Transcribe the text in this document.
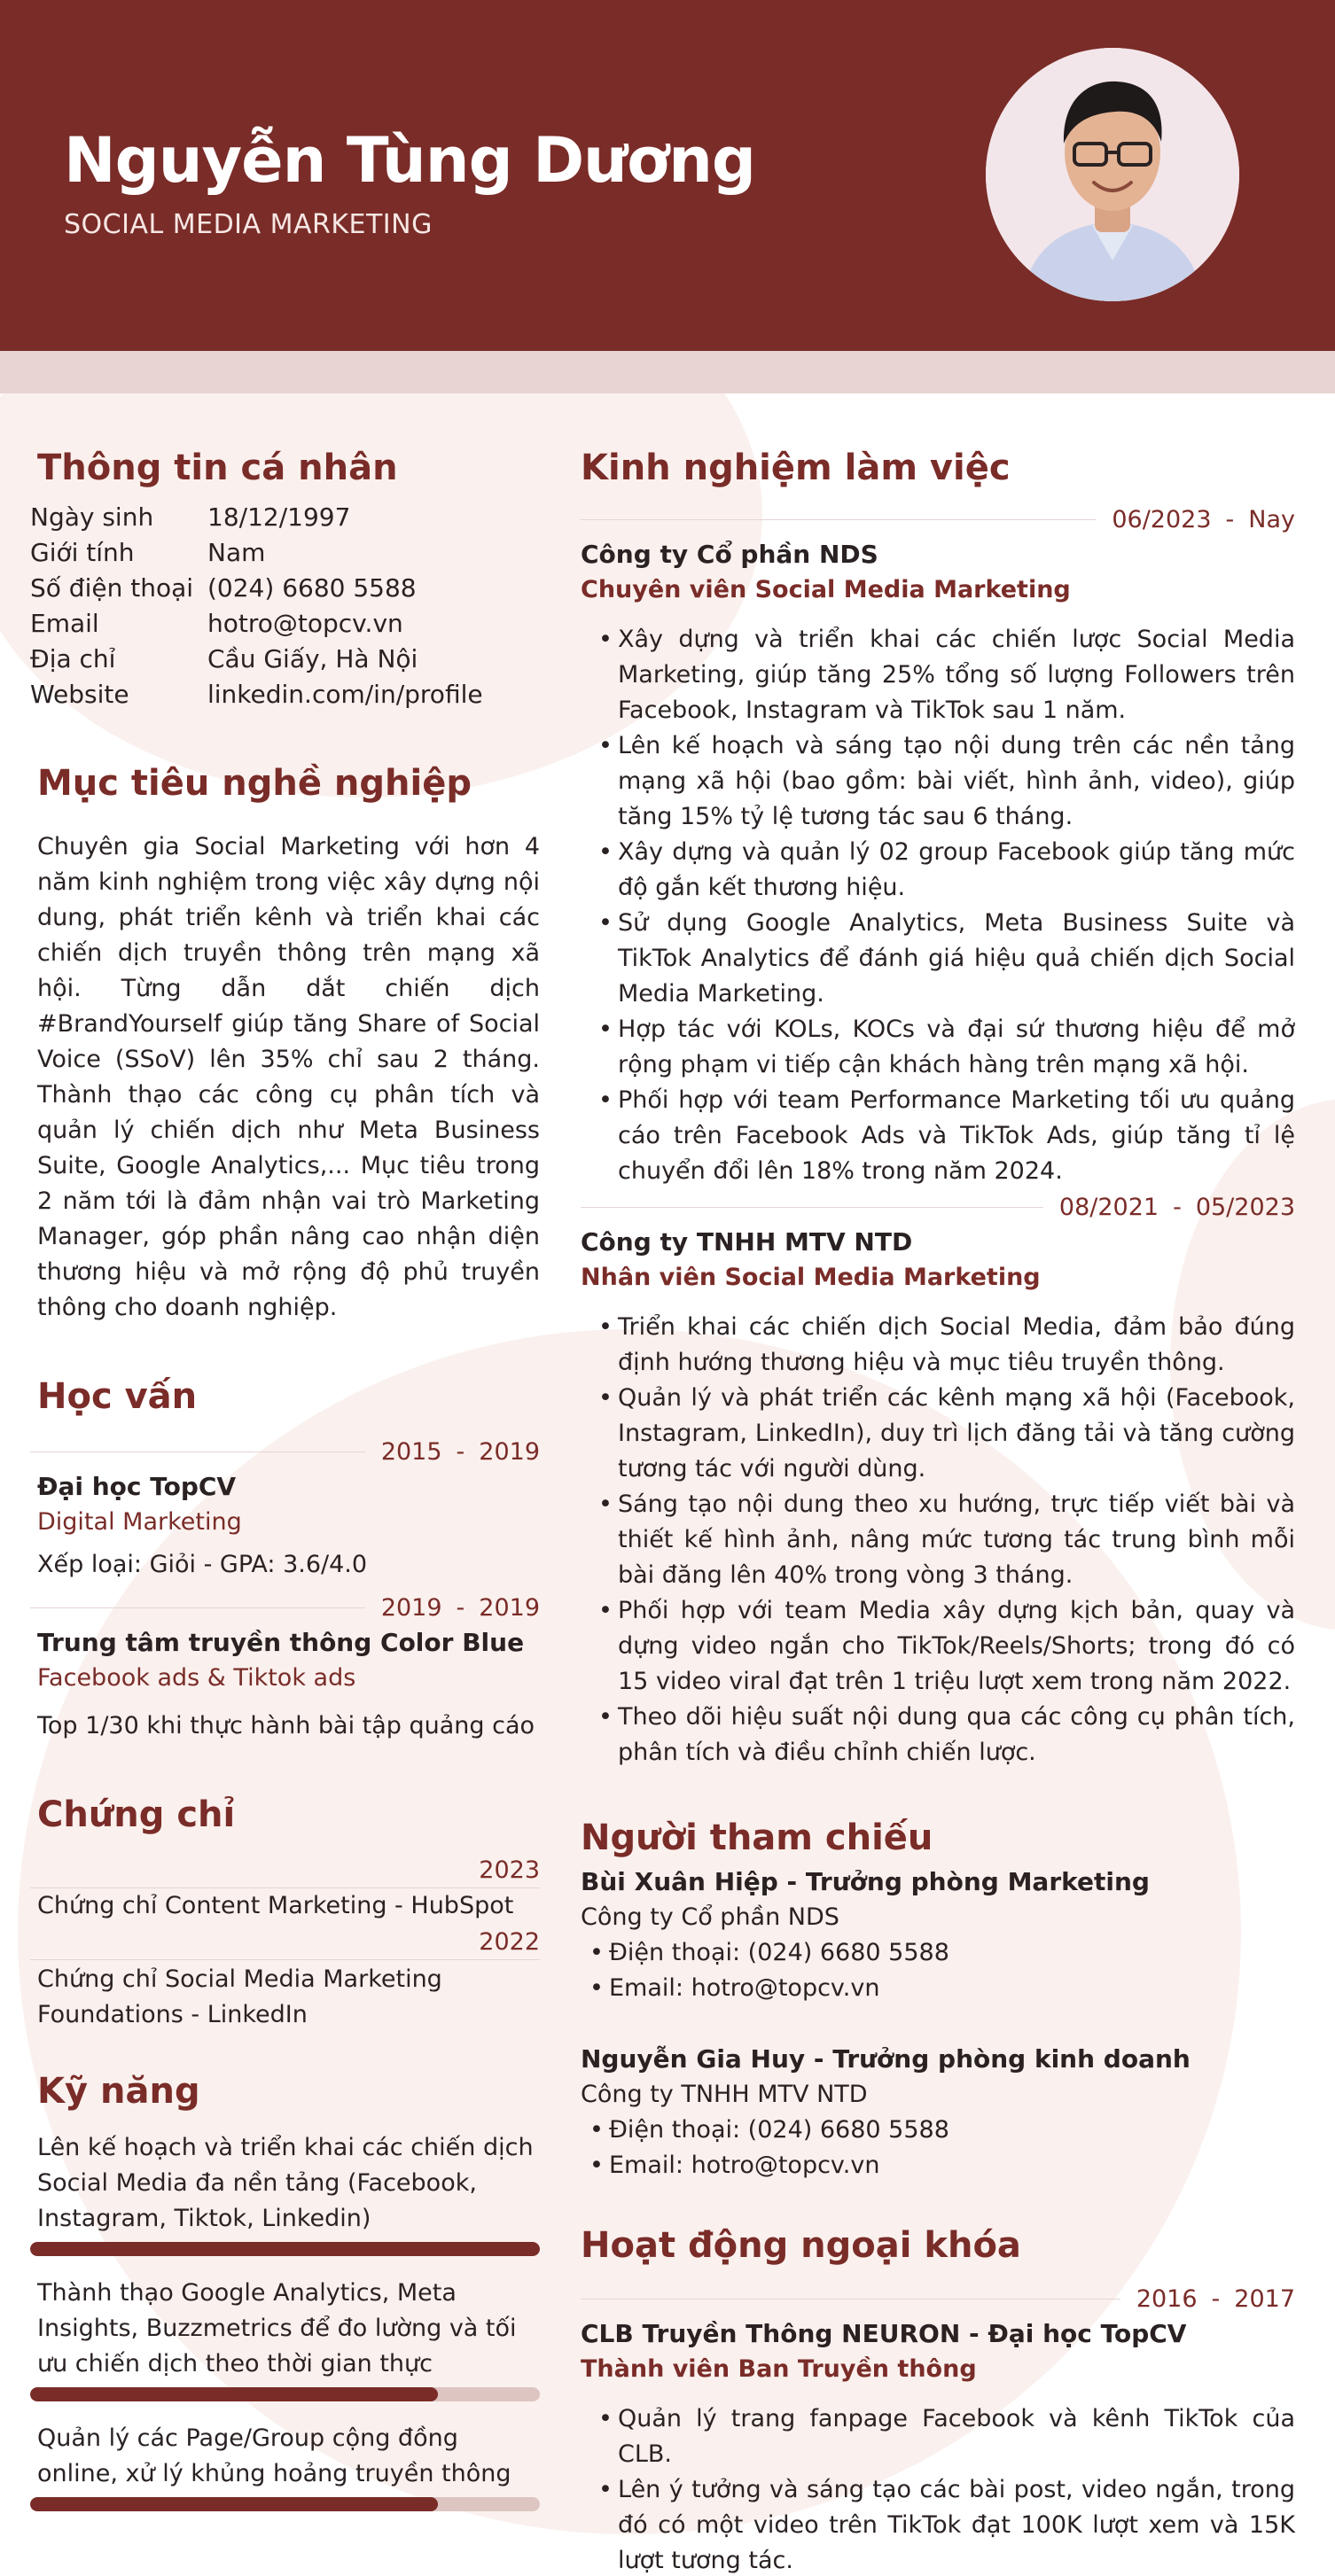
Nguyễn Tùng Dương
SOCIAL MEDIA MARKETING
Thông tin cá nhân
Ngày sinh	18/12/1997
Giới tính	Nam
Số điện thoại (024) 6680 5588
Email	hotro@topcv.vn
Địa chỉ	Cầu Giấy, Hà Nội
Website	linkedin.com/in/profile
Mục tiêu nghề nghiệp
Chuyên gia Social Marketing với hơn 4 năm kinh nghiệm trong việc xây dựng nội dung, phát triển kênh và triển khai các chiến dịch truyền thông trên mạng xã hội. Từng dẫn dắt chiến dịch #BrandYourself giúp tăng Share of Social Voice (SSoV) lên 35% chỉ sau 2 tháng. Thành thạo các công cụ phân tích và quản lý chiến dịch như Meta Business Suite, Google Analytics,... Mục tiêu trong 2 năm tới là đảm nhận vai trò Marketing Manager, góp phần nâng cao nhận diện thương hiệu và mở rộng độ phủ truyền thông cho doanh nghiệp.
Học vấn
2015 - 2019
Đại học TopCV
Digital Marketing
Xếp loại: Giỏi - GPA: 3.6/4.0
2019 - 2019
Trung tâm truyền thông Color Blue
Facebook ads & Tiktok ads
Top 1/30 khi thực hành bài tập quảng cáo
Chứng chỉ
2023
Chứng chỉ Content Marketing - HubSpot
2022
Chứng chỉ Social Media Marketing Foundations - LinkedIn
Kỹ năng
Lên kế hoạch và triển khai các chiến dịch Social Media đa nền tảng (Facebook, Instagram, Tiktok, Linkedin)
Thành thạo Google Analytics, Meta Insights, Buzzmetrics để đo lường và tối ưu chiến dịch theo thời gian thực
Quản lý các Page/Group cộng đồng online, xử lý khủng hoảng truyền thông
Kinh nghiệm làm việc
06/2023 - Nay
Công ty Cổ phần NDS
Chuyên viên Social Media Marketing
• Xây dựng và triển khai các chiến lược Social Media Marketing, giúp tăng 25% tổng số lượng Followers trên Facebook, Instagram và TikTok sau 1 năm.
• Lên kế hoạch và sáng tạo nội dung trên các nền tảng mạng xã hội (bao gồm: bài viết, hình ảnh, video), giúp tăng 15% tỷ lệ tương tác sau 6 tháng.
• Xây dựng và quản lý 02 group Facebook giúp tăng mức độ gắn kết thương hiệu.
• Sử dụng Google Analytics, Meta Business Suite và TikTok Analytics để đánh giá hiệu quả chiến dịch Social Media Marketing.
• Hợp tác với KOLs, KOCs và đại sứ thương hiệu để mở rộng phạm vi tiếp cận khách hàng trên mạng xã hội.
• Phối hợp với team Performance Marketing tối ưu quảng cáo trên Facebook Ads và TikTok Ads, giúp tăng tỉ lệ chuyển đổi lên 18% trong năm 2024.
08/2021 - 05/2023
Công ty TNHH MTV NTD
Nhân viên Social Media Marketing
• Triển khai các chiến dịch Social Media, đảm bảo đúng định hướng thương hiệu và mục tiêu truyền thông.
• Quản lý và phát triển các kênh mạng xã hội (Facebook, Instagram, LinkedIn), duy trì lịch đăng tải và tăng cường tương tác với người dùng.
• Sáng tạo nội dung theo xu hướng, trực tiếp viết bài và thiết kế hình ảnh, nâng mức tương tác trung bình mỗi bài đăng lên 40% trong vòng 3 tháng.
• Phối hợp với team Media xây dựng kịch bản, quay và dựng video ngắn cho TikTok/Reels/Shorts; trong đó có 15 video viral đạt trên 1 triệu lượt xem trong năm 2022.
• Theo dõi hiệu suất nội dung qua các công cụ phân tích, phân tích và điều chỉnh chiến lược.
Người tham chiếu
Bùi Xuân Hiệp - Trưởng phòng Marketing
Công ty Cổ phần NDS
• Điện thoại: (024) 6680 5588
• Email: hotro@topcv.vn
Nguyễn Gia Huy - Trưởng phòng kinh doanh
Công ty TNHH MTV NTD
• Điện thoại: (024) 6680 5588
• Email: hotro@topcv.vn
Hoạt động ngoại khóa
2016 - 2017
CLB Truyền Thông NEURON - Đại học TopCV
Thành viên Ban Truyền thông
• Quản lý trang fanpage Facebook và kênh TikTok của CLB.
• Lên ý tưởng và sáng tạo các bài post, video ngắn, trong đó có một video trên TikTok đạt 100K lượt xem và 15K lượt tương tác.
